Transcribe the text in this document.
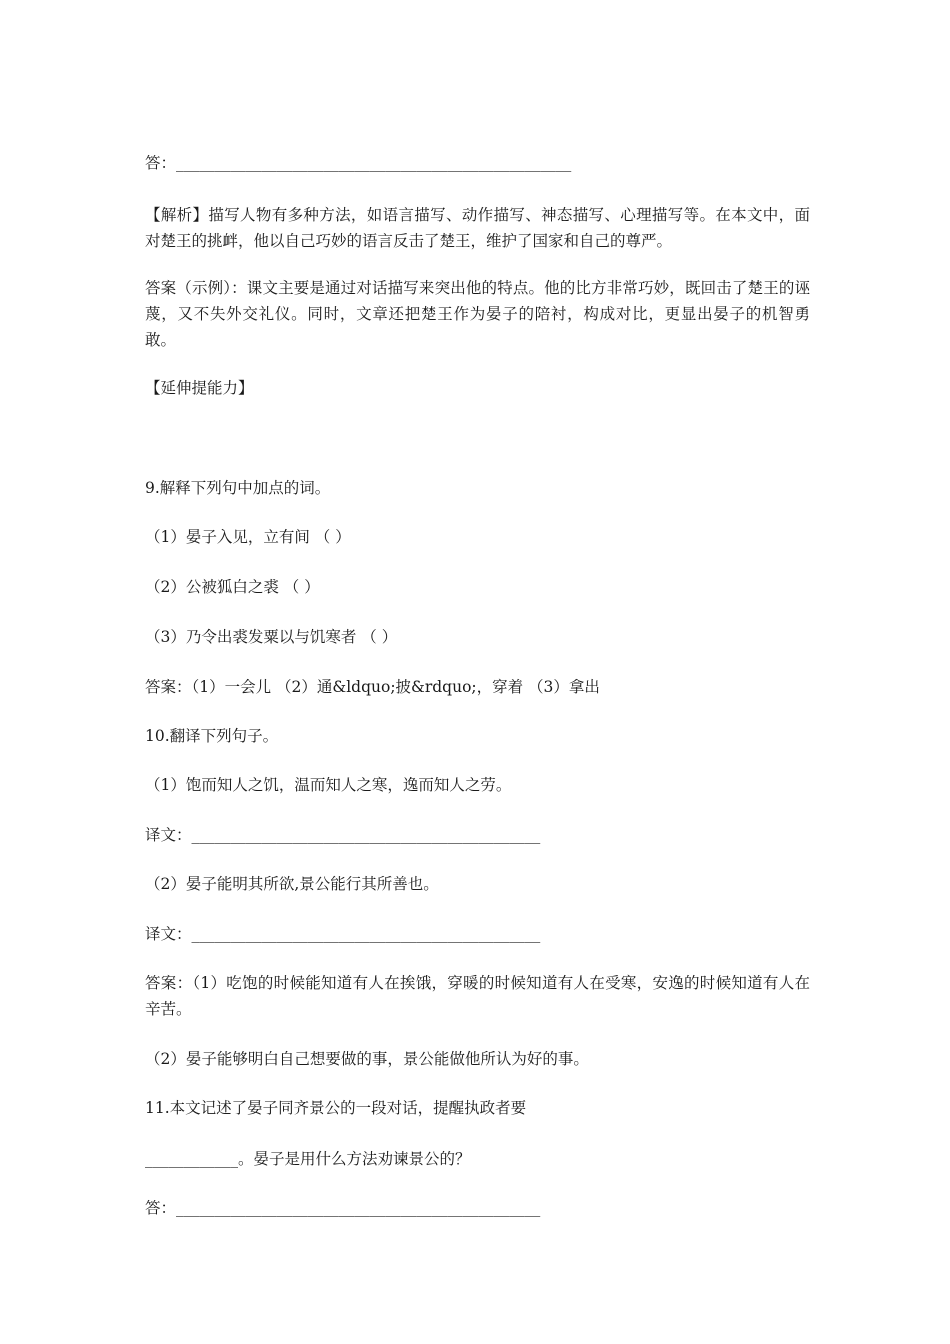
答：___________________________________________________
【解析】描写人物有多种方法，如语言描写、动作描写、神态描写、心理描写等。在本文中，面对楚王的挑衅，他以自己巧妙的语言反击了楚王，维护了国家和自己的尊严。
答案（示例）：课文主要是通过对话描写来突出他的特点。他的比方非常巧妙，既回击了楚王的诬蔑，又不失外交礼仪。同时，文章还把楚王作为晏子的陪衬，构成对比，更显出晏子的机智勇敢。
【延伸提能力】
9.解释下列句中加点的词。
（1）晏子入见，立有间 （ ）
（2）公被狐白之裘 （ ）
（3）乃令出裘发粟以与饥寒者 （ ）
答案：（1）一会儿 （2）通&ldquo;披&rdquo;，穿着 （3）拿出
10.翻译下列句子。
（1）饱而知人之饥，温而知人之寒，逸而知人之劳。
译文：_____________________________________________
（2）晏子能明其所欲,景公能行其所善也。
译文：_____________________________________________
答案：（1）吃饱的时候能知道有人在挨饿，穿暖的时候知道有人在受寒，安逸的时候知道有人在辛苦。
（2）晏子能够明白自己想要做的事，景公能做他所认为好的事。
11.本文记述了晏子同齐景公的一段对话，提醒执政者要
____________。晏子是用什么方法劝谏景公的？
答：_______________________________________________
